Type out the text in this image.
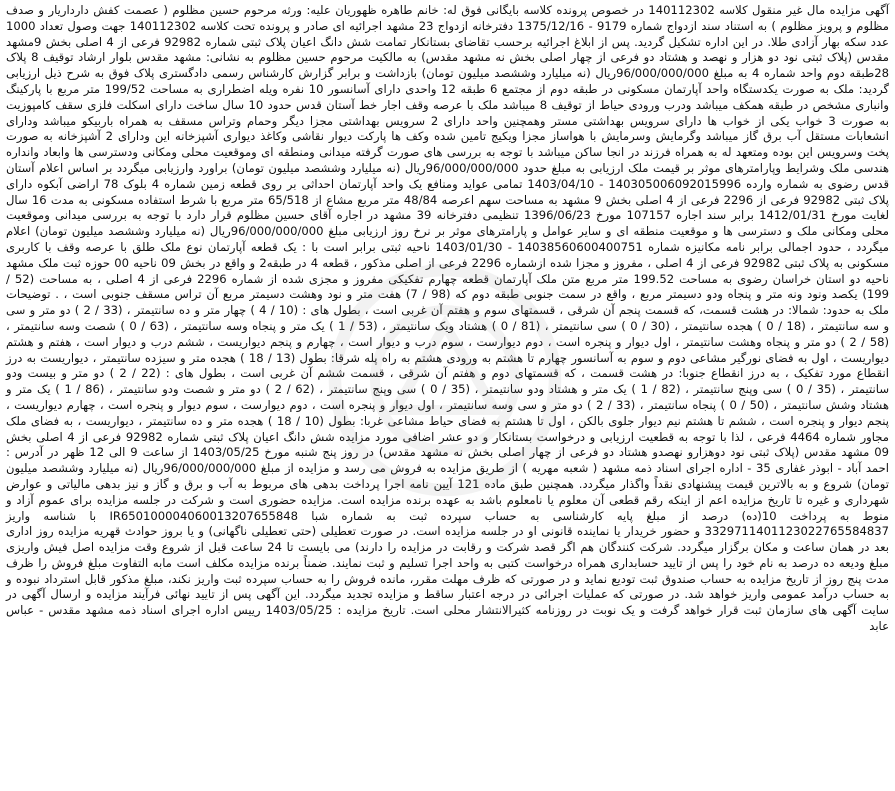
آگهی مزایده مال غیر منقول کلاسه 140112302 در خصوص پرونده کلاسه بایگانی فوق له: خانم طاهره ظهوریان علیه: ورثه مرحوم حسین مظلوم ( عصمت کفش دارداریار و صدف مظلوم و پرویز مظلوم ) به استناد سند ازدواج شماره 9179 - 1375/12/16 دفترخانه ازدواج 23 مشهد اجرائیه ای صادر و پرونده تحت کلاسه 140112302 جهت وصول تعداد 1000 عدد سکه بهار آزادی طلا. در این اداره تشکیل گردید. پس از ابلاغ اجرائیه برحسب تقاضای بستانکار تمامت شش دانگ اعیان پلاک ثبتی شماره 92982 فرعی از 4 اصلی بخش 9مشهد مقدس (پلاک ثبتی نود دو هزار و نهصد و هشتاد دو فرعی از چهار اصلی بخش نه مشهد مقدس) به مالکیت مرحوم حسین مظلوم به نشانی: مشهد مقدس بلوار ارشاد توقیف 8 پلاک 28طبقه دوم واحد شماره 4 به مبلغ 96/000/000/000ریال (نه میلیارد وششصد میلیون تومان) بازداشت و برابر گزارش کارشناس رسمی دادگستری پلاک فوق به شرح ذیل ارزیابی گردید: ملک به صورت یکدستگاه واحد آپارتمان مسکونی در طبقه دوم از مجتمع 6 طبقه 12 واحدی دارای آسانسور 10 نفره ویله اضطراری به مساحت 199/52 متر مربع با پارکینگ وانباری مشخص در طبقه همکف میباشد ودرب ورودی حیاط از توقیف 8 میباشد ملک با عرصه وقف اجار خط آستان قدس حدود 10 سال ساخت دارای اسکلت فلزی سقف کامپوزیت به صورت 3 خواب یکی از خواب ها دارای سرویس بهداشتی مستر وهمچنین واحد دارای 2 سرویس بهداشتی مجزا دیگر وحمام وتراس مسقف به همراه باربیکو میباشد ودارای انشعابات مستقل آب برق گاز میباشد وگرمایش وسرمایش با هواساز مجزا ویکیج تامین شده وکف ها پارکت دیوار نقاشی وکاغذ دیواری آشپزخانه این ودارای 2 آشپزخانه به صورت پخت وسرویس این بوده ومتعهد له به همراه فرزند در انجا ساکن میباشد با توجه به بررسی های صورت گرفته میدانی ومنطقه ای وموقعیت محلی ومکانی ودسترسی ها وابعاد وانداره هندسی ملک وشرایط وپارامترهای موثر بر قیمت ملک ارزیابی به مبلغ حدود 96/000/000/000ریال (نه میلیارد وششصد میلیون تومان) براورد وارزیابی میگردد بر اساس اعلام آستان قدس رضوی به شماره وارده 140305006092015996 - 1403/04/10 تمامی عواید ومنافع یک واحد آپارتمان احداثی بر روی قطعه زمین شماره 4 بلوک 78 اراضی آبکوه دارای پلاک ثبتی 92982 فرعی از 2296 فرعی از 4 اصلی بخش 9 مشهد به مساحت سهم اعرصه 48/84 متر مربع مشاع از 65/518 متر مربع با شرط استفاده مسکونی به مدت 16 سال لغایت مورخ 1412/01/31 برابر سند اجاره 107157 مورخ 1396/06/23 تنظیمی دفترخانه 39 مشهد در اجاره آقای حسین مظلوم قرار دارد با توجه به بررسی میدانی وموقعیت محلی ومکانی ملک و دسترسی ها و موقعیت منطقه ای و سایر عوامل و پارامترهای موثر بر نرخ روز ارزیابی مبلغ 96/000/000/000ریال (نه میلیارد وششصد میلیون تومان) اعلام میگردد ، حدود اجمالی برابر نامه مکانیزه شماره 14038560600400751 - 1403/01/30 ناحیه ثبتی برابر است با : یک قطعه آپارتمان نوع ملک طلق با عرصه وقف با کاربری مسکونی به پلاک ثبتی 92982 فرعی از 4 اصلی ، مفروز و مجزا شده ازشماره 2296 فرعی از اصلی مذکور ، قطعه 4 در طبقه2 و واقع در بخش 09 ناحیه 00 حوزه ثبت ملک مشهد ناحیه دو استان خراسان رضوی به مساحت 199.52 متر مربع متن ملک آپارتمان قطعه چهارم تفکیکی مفروز و مجزی شده از شماره 2296 فرعی از 4 اصلی ، به مساحت (52 / 199) یکصد ونود ونه متر و پنجاه ودو دسیمتر مربع ، واقع در سمت جنوبی طبقه دوم که (98 / 7) هفت متر و نود وهشت دسیمتر مربع آن تراس مسقف جنوبی است ، . توضیحات ملک به حدود: شمالا: در هشت قسمت، که قسمت پنجم آن شرقی ، قسمتهای سوم و هفتم آن غربی است ، بطول های : (10 / 4 ) چهار متر و ده سانتیمتر ، (33 / 2 ) دو متر و سی و سه سانتیمتر ، (18 / 0 ) هجده سانتیمتر ، (30 / 0 ) سی سانتیمتر ، (81 / 0 ) هشتاد ویک سانتیمتر ، (53 / 1 ) یک متر و پنجاه وسه سانتیمتر ، (63 / 0 ) شصت وسه سانتیمتر ، (58 / 2 ) دو متر و پنجاه وهشت سانتیمتر ، اول دیوار و پنجره است ، دوم دیوارست ، سوم درب و دیوار است ، چهارم و پنجم دیواریست ، ششم درب و دیوار است ، هفتم و هشتم دیواریست ، اول به فضای نورگیر مشاعی دوم و سوم به آسانسور چهارم تا هشتم به ورودی هشتم به راه پله شرقا: بطول (13 / 18 ) هجده متر و سیزده سانتیمتر ، دیواریست به درز انقطاع مورد تفکیک ، به درز انقطاع جنوبا: در هشت قسمت ، که قسمتهای دوم و هفتم آن شرقی ، قسمت ششم آن غربی است ، بطول های : (22 / 2 ) دو متر و بیست ودو سانتیمتر ، (35 / 0 ) سی وپنج سانتیمتر ، (82 / 1 ) یک متر و هشتاد ودو سانتیمتر ، (35 / 0 ) سی وپنج سانتیمتر ، (62 / 2 ) دو متر و شصت ودو سانتیمتر ، (86 / 1 ) یک متر و هشتاد وشش سانتیمتر ، (50 / 0 ) پنجاه سانتیمتر ، (33 / 2 ) دو متر و سی وسه سانتیمتر ، اول دیوار و پنجره است ، دوم دیوارست ، سوم دیوار و پنجره است ، چهارم دیواریست ، پنجم دیوار و پنجره است ، ششم تا هشتم نیم دیوار جلوی بالکن ، اول تا هشتم به فضای حیاط مشاعی غربا: بطول (10 / 18 ) هجده متر و ده سانتیمتر ، دیواریست ، به فضای ملک مجاور شماره 4464 فرعی ، لذا با توجه به قطعیت ارزیابی و درخواست بستانکار و دو عشر اضافی مورد مزایده شش دانگ اعیان پلاک ثبتی شماره 92982 فرعی از 4 اصلی بخش 09 مشهد مقدس (پلاک ثبتی نود دوهزارو نهصدو هشتاد دو فرعی از چهار اصلی بخش نه مشهد مقدس) در روز پنج شنبه مورخ 1403/05/25 از ساعت 9 الی 12 ظهر در آدرس : احمد آباد - ابوذر غفاری 35 - اداره اجرای اسناد ذمه مشهد ( شعبه مهریه ) از طریق مزایده به فروش می رسد و مزایده از مبلغ 96/000/000/000ریال (نه میلیارد وششصد میلیون تومان) شروع و به بالاترین قیمت پیشنهادی نقداً واگذار میگردد. همچنین طبق ماده 121 آیین نامه اجرا پرداخت بدهی های مربوط به آب و برق و گاز و نیز بدهی مالیاتی و عوارض شهرداری و غیره تا تاریخ مزایده اعم از اینکه رقم قطعی آن معلوم یا نامعلوم باشد به عهده برنده مزایده است. مزایده حضوری است و شرکت در جلسه مزایده برای عموم آزاد و منوط به پرداخت 10(ده) درصد از مبلغ پایه کارشناسی به حساب سپرده ثبت به شماره شبا IR650100004060013207655848 با شناسه واریز 3329711401123022765584837 و حضور خریدار یا نماینده قانونی او در جلسه مزایده است. در صورت تعطیلی (حتی تعطیلی ناگهانی) و یا بروز حوادث قهریه مزایده روز اداری بعد در همان ساعت و مکان برگزار میگردد. شرکت کنندگان هم اگر قصد شرکت و رقابت در مزایده را دارند) می بایست تا 24 ساعت قبل از شروع وقت مزایده اصل فیش واریزی مبلغ ودیعه ده درصد به نام خود را پس از تایید حسابداری همراه درخواست کتبی به واحد اجرا تسلیم و ثبت نمایند. ضمناً برنده مزایده مکلف است مابه التفاوت مبلغ فروش را ظرف مدت پنج روز از تاریخ مزایده به حساب صندوق ثبت تودیع نماید و در صورتی که ظرف مهلت مقرر، مانده فروش را به حساب سپرده ثبت واریز نکند، مبلغ مذکور قابل استرداد نبوده و به حساب درآمد عمومی واریز خواهد شد. در صورتی که عملیات اجرائی در درجه اعتبار ساقط و مزایده تجدید میگردد. این آگهی پس از تایید نهائی فرآیند مزایده و ارسال آگهی در سایت آگهی های سازمان ثبت قرار خواهد گرفت و یک نوبت در روزنامه کثیرالانتشار محلی است. تاریخ مزایده : 1403/05/25 رییس اداره اجرای اسناد ذمه مشهد مقدس - عباس عابد
